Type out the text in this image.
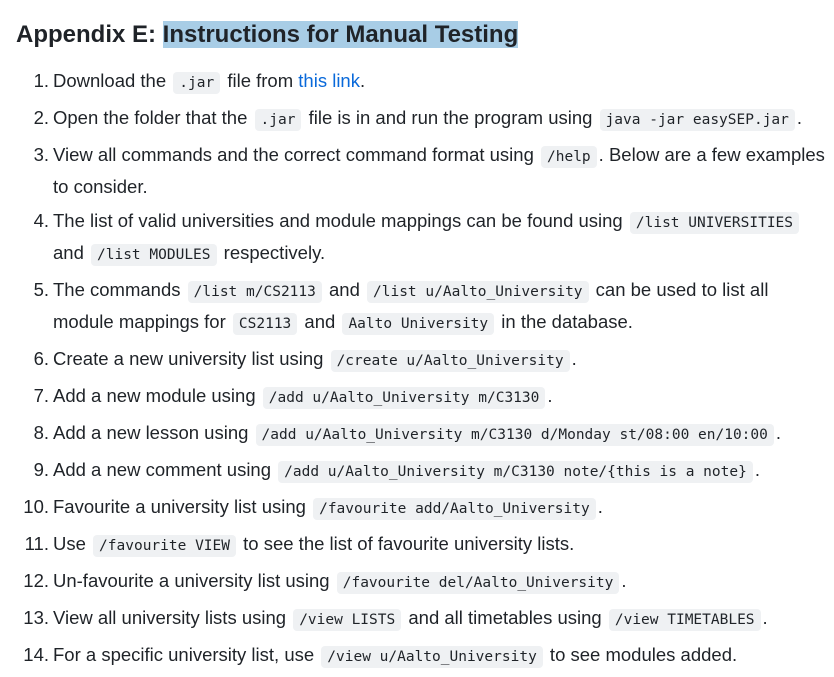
Appendix E: Instructions for Manual Testing
1. Download the .jar file from this link.
2. Open the folder that the .jar file is in and run the program using java -jar easySEP.jar .
3. View all commands and the correct command format using /help . Below are a few examples to consider.
4. The list of valid universities and module mappings can be found using /list UNIVERSITIES and /list MODULES respectively.
5. The commands /list m/CS2113 and /list u/Aalto_University can be used to list all module mappings for CS2113 and Aalto University in the database.
6. Create a new university list using /create u/Aalto_University .
7. Add a new module using /add u/Aalto_University m/C3130 .
8. Add a new lesson using /add u/Aalto_University m/C3130 d/Monday st/08:00 en/10:00 .
9. Add a new comment using /add u/Aalto_University m/C3130 note/{this is a note} .
10. Favourite a university list using /favourite add/Aalto_University .
11. Use /favourite VIEW to see the list of favourite university lists.
12. Un-favourite a university list using /favourite del/Aalto_University .
13. View all university lists using /view LISTS and all timetables using /view TIMETABLES .
14. For a specific university list, use /view u/Aalto_University to see modules added.
